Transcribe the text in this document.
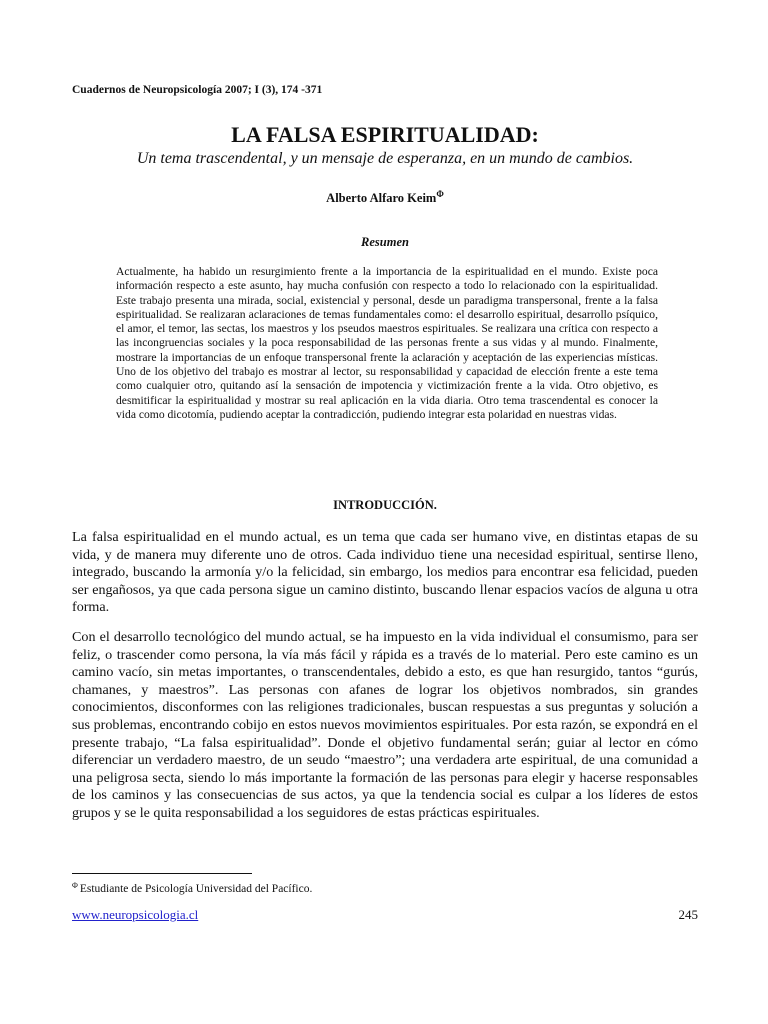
Cuadernos de Neuropsicología 2007; I (3), 174 -371
LA FALSA ESPIRITUALIDAD:

Un tema trascendental, y un mensaje de esperanza, en un mundo de cambios.

Alberto Alfaro Keim$^\Phi$
Resumen

Actualmente, ha habido un resurgimiento frente a la importancia de la espiritualidad en el mundo. Existe poca información respecto a este asunto, hay mucha confusión con respecto a todo lo relacionado con la espiritualidad. Este trabajo presenta una mirada, social, existencial y personal, desde un paradigma transpersonal, frente a la falsa espiritualidad. Se realizaran aclaraciones de temas fundamentales como: el desarrollo espiritual, desarrollo psíquico, el amor, el temor, las sectas, los maestros y los pseudos maestros espirituales. Se realizara una crítica con respecto a las incongruencias sociales y la poca responsabilidad de las personas frente a sus vidas y al mundo. Finalmente, mostrare la importancias de un enfoque transpersonal frente la aclaración y aceptación de las experiencias místicas. Uno de los objetivo del trabajo es mostrar al lector, su responsabilidad y capacidad de elección frente a este tema como cualquier otro, quitando así la sensación de impotencia y victimización frente a la vida. Otro objetivo, es desmitificar la espiritualidad y mostrar su real aplicación en la vida diaria. Otro tema trascendental es conocer la vida como dicotomía, pudiendo aceptar la contradicción, pudiendo integrar esta polaridad en nuestras vidas.

INTRODUCCIÓN.

La falsa espiritualidad en el mundo actual, es un tema que cada ser humano vive, en distintas etapas de su vida, y de manera muy diferente uno de otros. Cada individuo tiene una necesidad espiritual, sentirse lleno, integrado, buscando la armonía y/o la felicidad, sin embargo, los medios para encontrar esa felicidad, pueden ser engañosos, ya que cada persona sigue un camino distinto, buscando llenar espacios vacíos de alguna u otra forma.

Con el desarrollo tecnológico del mundo actual, se ha impuesto en la vida individual el consumismo, para ser feliz, o trascender como persona, la vía más fácil y rápida es a través de lo material. Pero este camino es un camino vacío, sin metas importantes, o transcendentales, debido a esto, es que han resurgido, tantos “gurús, chamanes, y maestros”. Las personas con afanes de lograr los objetivos nombrados, sin grandes conocimientos, disconformes con las religiones tradicionales, buscan respuestas a sus preguntas y solución a sus problemas, encontrando cobijo en estos nuevos movimientos espirituales. Por esta razón, se expondrá en el presente trabajo, “La falsa espiritualidad”. Donde el objetivo fundamental serán; guiar al lector en cómo diferenciar un verdadero maestro, de un seudo “maestro”; una verdadera arte espiritual, de una comunidad a una peligrosa secta, siendo lo más importante la formación de las personas para elegir y hacerse responsables de los caminos y las consecuencias de sus actos, ya que la tendencia social es culpar a los líderes de estos grupos y se le quita responsabilidad a los seguidores de estas prácticas espirituales.

$^\Phi$ Estudiante de Psicología Universidad del Pacífico.
www.neuropsicologia.cl	245
